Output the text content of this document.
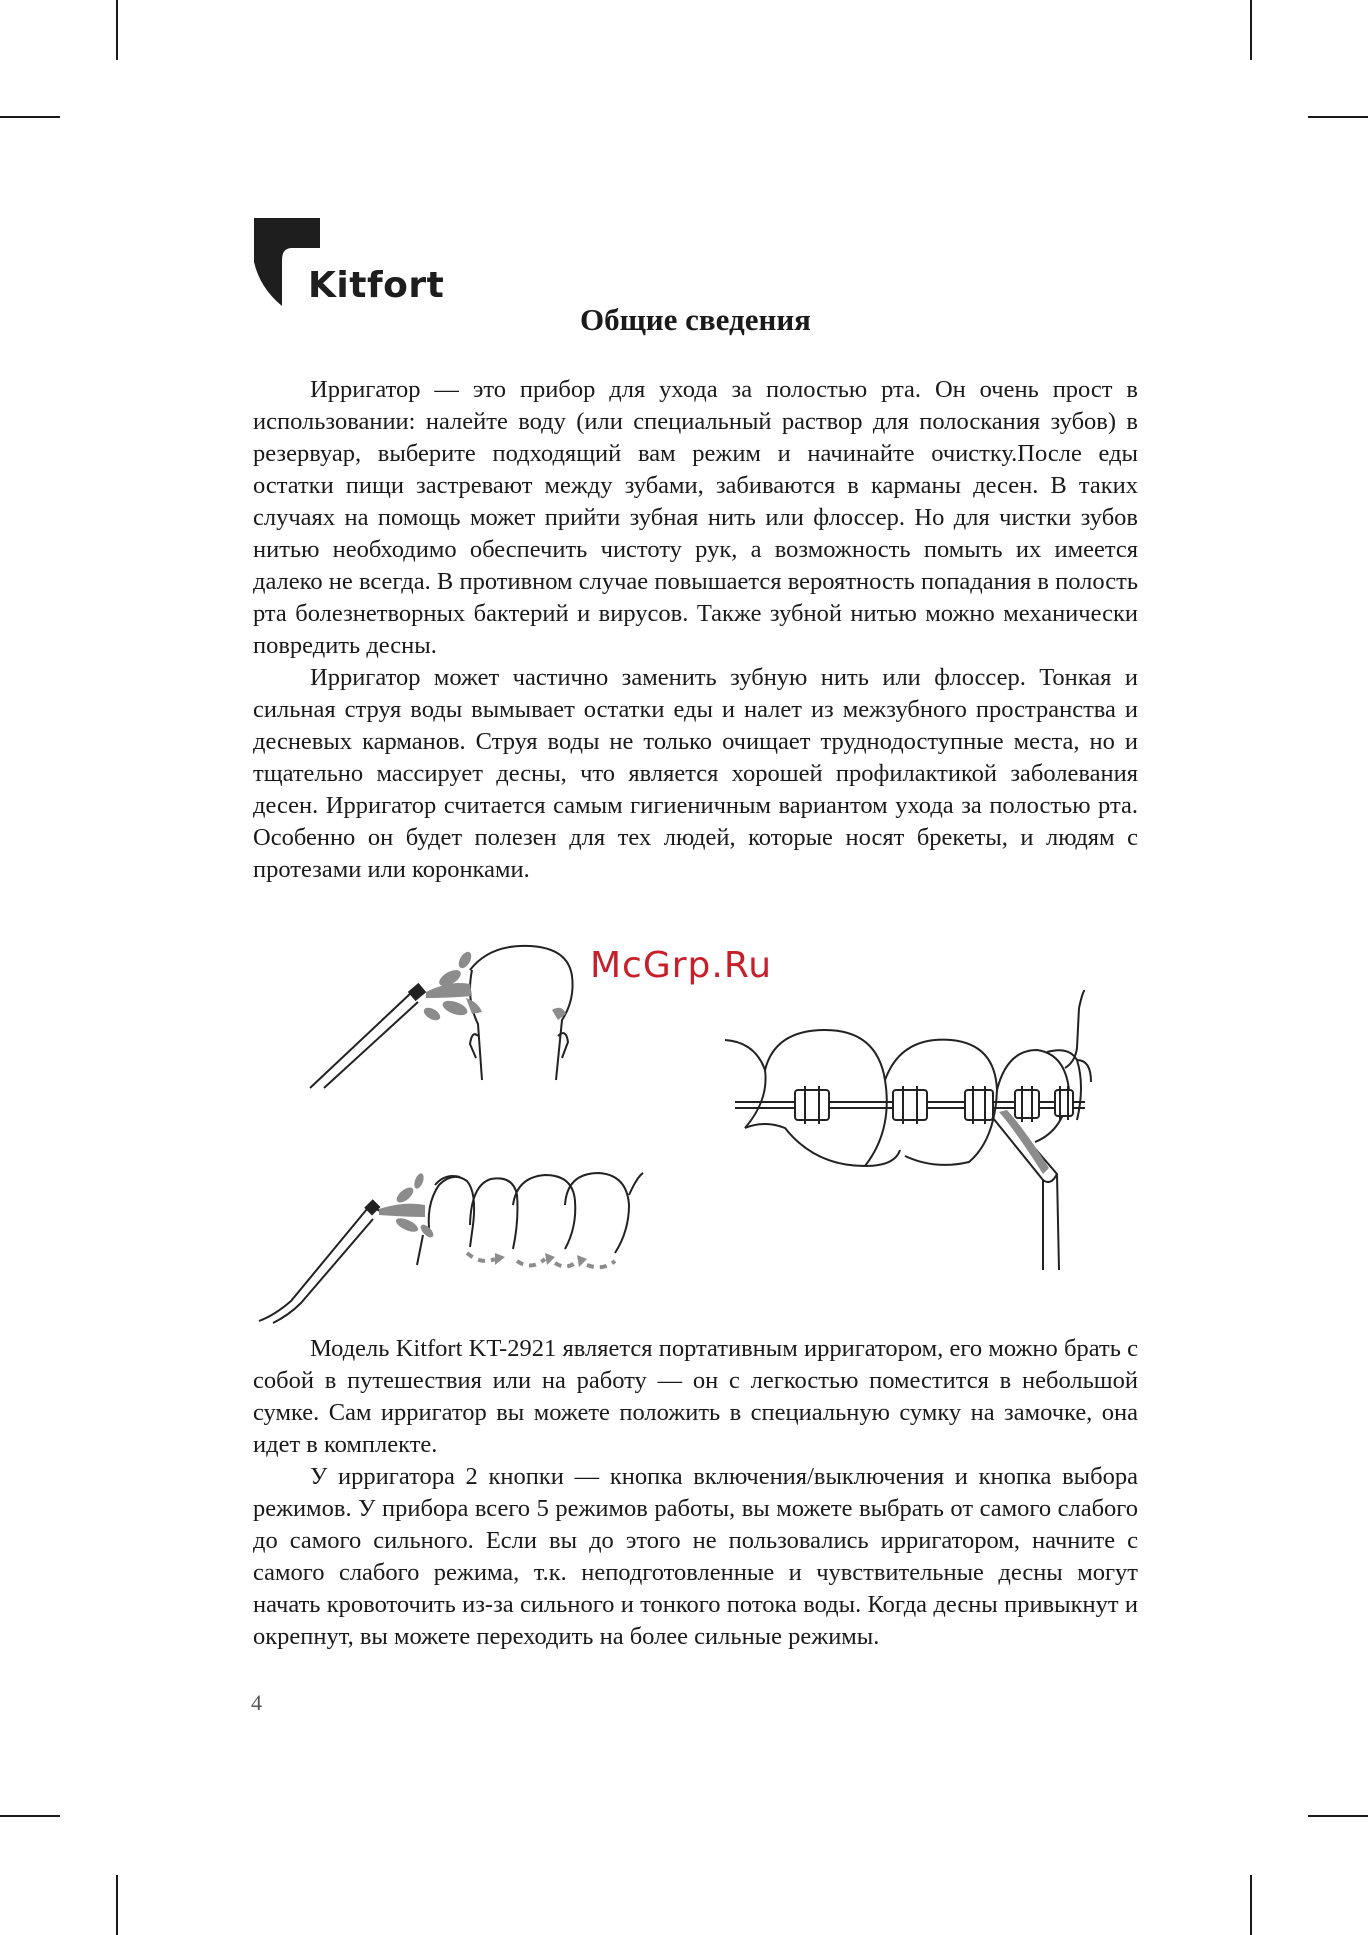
Kitfort
Общие сведения

Ирригатор — это прибор для ухода за полостью рта. Он очень прост в использовании: налейте воду (или специальный раствор для полоскания зубов) в резервуар, выберите подходящий вам режим и начинайте очистку.После еды остатки пищи застревают между зубами, забиваются в карманы десен. В таких случаях на помощь может прийти зубная нить или флоссер. Но для чистки зубов нитью необходимо обеспечить чистоту рук, а возможность помыть их имеется далеко не всегда. В противном случае повышается вероятность попадания в полость рта болезнетворных бактерий и вирусов. Также зубной нитью можно механически повредить десны.

Ирригатор может частично заменить зубную нить или флоссер. Тонкая и сильная струя воды вымывает остатки еды и налет из межзубного пространства и десневых карманов. Струя воды не только очищает труднодоступные места, но и тщательно массирует десны, что является хорошей профилактикой заболевания десен. Ирригатор считается самым гигиеничным вариантом ухода за полостью рта. Особенно он будет полезен для тех людей, которые носят брекеты, и людям с протезами или коронками.

McGrp.Ru

Модель Kitfort KT-2921 является портативным ирригатором, его можно брать с собой в путешествия или на работу — он с легкостью поместится в небольшой сумке. Сам ирригатор вы можете положить в специальную сумку на замочке, она идет в комплекте.

У ирригатора 2 кнопки — кнопка включения/выключения и кнопка выбора режимов. У прибора всего 5 режимов работы, вы можете выбрать от самого слабого до самого сильного. Если вы до этого не пользовались ирригатором, начните с самого слабого режима, т.к. неподготовленные и чувствительные десны могут начать кровоточить из-за сильного и тонкого потока воды. Когда десны привыкнут и окрепнут, вы можете переходить на более сильные режимы.

4
